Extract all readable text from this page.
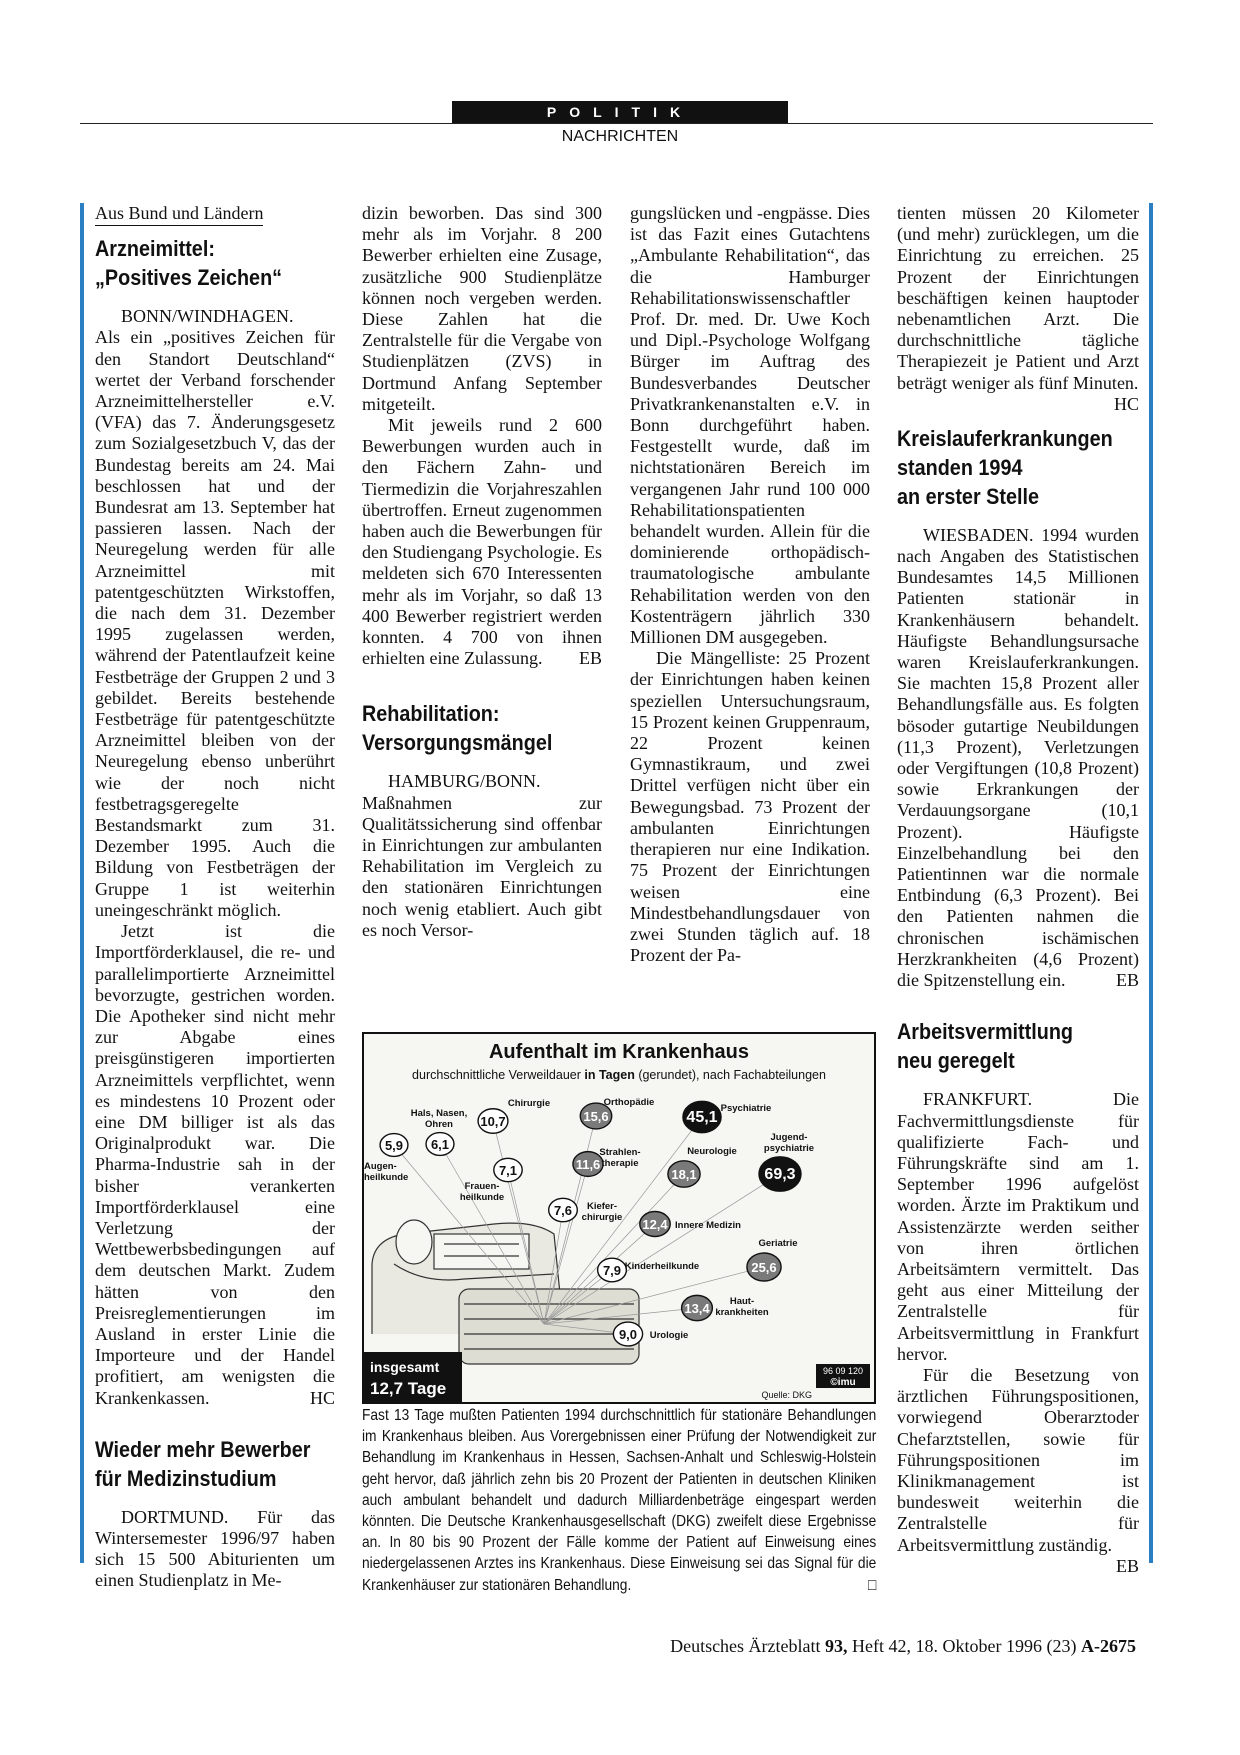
POLITIK
NACHRICHTEN
Aus Bund und Ländern
Arzneimittel:
„Positives Zeichen“
BONN/WINDHAGEN.

Als ein „positives Zeichen für den Standort Deutschland“ wertet der Verband forschender Arzneimittelhersteller e.V. (VFA) das 7. Änderungsgesetz zum Sozialgesetzbuch V, das der Bundestag bereits am 24. Mai beschlossen hat und der Bundesrat am 13. September hat passieren lassen. Nach der Neuregelung werden für alle Arzneimittel mit patentgeschützten Wirkstoffen, die nach dem 31. Dezember 1995 zugelassen werden, während der Patentlaufzeit keine Festbeträge der Gruppen 2 und 3 gebildet. Bereits bestehende Festbeträge für patentgeschützte Arzneimittel bleiben von der Neuregelung ebenso unberührt wie der noch nicht festbetragsgeregelte Bestandsmarkt zum 31. Dezember 1995. Auch die Bildung von Festbeträgen der Gruppe 1 ist weiterhin uneingeschränkt möglich.

Jetzt ist die Importförderklausel, die re- und parallelimportierte Arzneimittel bevorzugte, gestrichen worden. Die Apotheker sind nicht mehr zur Abgabe eines preisgünstigeren importierten Arzneimittels verpflichtet, wenn es mindestens 10 Prozent oder eine DM billiger ist als das Originalprodukt war. Die Pharma-Industrie sah in der bisher verankerten Importförderklausel eine Verletzung der Wettbewerbsbedingungen auf dem deutschen Markt. Zudem hätten von den Preisreglementierungen im Ausland in erster Linie die Importeure und der Handel profitiert, am wenigsten die Krankenkassen.	HC

Wieder mehr Bewerber
für Medizinstudium

DORTMUND. Für das Wintersemester 1996/97 haben sich 15 500 Abiturienten um einen Studienplatz in Me-

dizin beworben. Das sind 300 mehr als im Vorjahr. 8 200 Bewerber erhielten eine Zusage, zusätzliche 900 Studienplätze können noch vergeben werden. Diese Zahlen hat die Zentralstelle für die Vergabe von Studienplätzen (ZVS) in Dortmund Anfang September mitgeteilt.

Mit jeweils rund 2 600 Bewerbungen wurden auch in den Fächern Zahn- und Tiermedizin die Vorjahreszahlen übertroffen. Erneut zugenommen haben auch die Bewerbungen für den Studiengang Psychologie. Es meldeten sich 670 Interessenten mehr als im Vorjahr, so daß 13 400 Bewerber registriert werden konnten. 4 700 von ihnen erhielten eine Zulassung.	EB

Rehabilitation:
Versorgungsmängel
HAMBURG/BONN.

Maßnahmen zur Qualitätssicherung sind offenbar in Einrichtungen zur ambulanten Rehabilitation im Vergleich zu den stationären Einrichtungen noch wenig etabliert. Auch gibt es noch Versor-

gungslücken und -engpässe. Dies ist das Fazit eines Gutachtens „Ambulante Rehabilitation“, das die Hamburger Rehabilitationswissenschaftler Prof. Dr. med. Dr. Uwe Koch und Dipl.-Psychologe Wolfgang Bürger im Auftrag des Bundesverbandes Deutscher Privatkrankenanstalten e.V. in Bonn durchgeführt haben. Festgestellt wurde, daß im nichtstationären Bereich im vergangenen Jahr rund 100 000 Rehabilitationspatienten behandelt wurden. Allein für die dominierende orthopädisch-traumatologische ambulante Rehabilitation werden von den Kostenträgern jährlich 330 Millionen DM ausgegeben.

Die Mängelliste: 25 Prozent der Einrichtungen haben keinen speziellen Untersuchungsraum, 15 Prozent keinen Gruppenraum, 22 Prozent keinen Gymnastikraum, und zwei Drittel verfügen nicht über ein Bewegungsbad. 73 Prozent der ambulanten Einrichtungen therapieren nur eine Indikation. 75 Prozent der Einrichtungen weisen eine Mindestbehandlungsdauer von zwei Stunden täglich auf. 18 Prozent der Pa-

tienten müssen 20 Kilometer (und mehr) zurücklegen, um die Einrichtung zu erreichen. 25 Prozent der Einrichtungen beschäftigen keinen hauptoder nebenamtlichen Arzt. Die durchschnittliche tägliche Therapiezeit je Patient und Arzt beträgt weniger als fünf Minuten.
HC

Kreislauferkrankungen
standen 1994
an erster Stelle

WIESBADEN. 1994 wurden nach Angaben des Statistischen Bundesamtes 14,5 Millionen Patienten stationär in Krankenhäusern behandelt. Häufigste Behandlungsursache waren Kreislauferkrankungen. Sie machten 15,8 Prozent aller Behandlungsfälle aus. Es folgten bösoder gutartige Neubildungen (11,3 Prozent), Verletzungen oder Vergiftungen (10,8 Prozent) sowie Erkrankungen der Verdauungsorgane (10,1 Prozent). Häufigste Einzelbehandlung bei den Patientinnen war die normale Entbindung (6,3 Prozent). Bei den Patienten nahmen die chronischen ischämischen Herzkrankheiten (4,6 Prozent) die Spitzenstellung ein.	EB

Arbeitsvermittlung
neu geregelt

FRANKFURT.	Die Fachvermittlungsdienste für qualifizierte Fach- und Führungskräfte sind am 1. September 1996 aufgelöst worden. Ärzte im Praktikum und Assistenzärzte werden seither von ihren örtlichen Arbeitsämtern vermittelt. Das geht aus einer Mitteilung der Zentralstelle für Arbeitsvermittlung in Frankfurt hervor.

Für die Besetzung von ärztlichen Führungspositionen, vorwiegend Oberarztoder Chefarztstellen, sowie für Führungspositionen im Klinikmanagement ist bundesweit weiterhin die Zentralstelle für Arbeitsvermittlung zuständig.
EB

5,9
Augen-heilkunde
6,1
Hals, Nasen, Ohren	10,7
Chirurgie
7,1
Frauen-heilkunde
15,6
Orthopädie
11,6
Strahlen-therapie
45,1
Psychiatrie
18,1
Neurologie
69,3
Jugend-psychiatrie
7,6	Kiefer-chirurgie 12,4 Innere Medizin
25,6
Geriatrie
7,9 Kinderheilkunde
13,4	Haut-krankheiten
9,0 Urologie
Aufenthalt im Krankenhaus
durchschnittliche Verweildauer in Tagen (gerundet), nach Fachabteilungen
insgesamt
12,7 Tage
96 09 120
©imu
Quelle: DKG
Fast 13 Tage mußten Patienten 1994 durchschnittlich für stationäre Behandlungen im Krankenhaus bleiben. Aus Vorergebnissen einer Prüfung der Notwendigkeit zur Behandlung im Krankenhaus in Hessen, Sachsen-Anhalt und Schleswig-Holstein geht hervor, daß jährlich zehn bis 20 Prozent der Patienten in deutschen Kliniken auch ambulant behandelt und dadurch Milliardenbeträge eingespart werden könnten. Die Deutsche Krankenhausgesellschaft (DKG) zweifelt diese Ergebnisse an. In 80 bis 90 Prozent der Fälle komme der Patient auf Einweisung eines niedergelassenen Arztes ins Krankenhaus. Diese Einweisung sei das Signal für die Krankenhäuser zur stationären Behandlung.	□
Deutsches Ärzteblatt 93, Heft 42, 18. Oktober 1996 (23) A-2675
